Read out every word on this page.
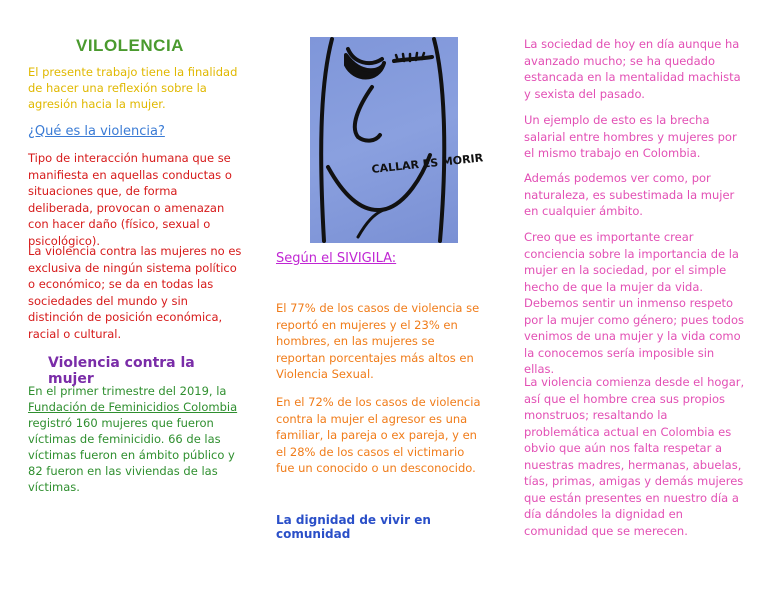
VILOLENCIA

El presente trabajo tiene la finalidad de hacer una reflexión sobre la agresión hacia la mujer.

¿Qué es la violencia?

Tipo de interacción humana que se manifiesta en aquellas conductas o situaciones que, de forma deliberada, provocan o amenazan con hacer daño (físico, sexual o psicológico).

La violencia contra las mujeres no es exclusiva de ningún sistema político o económico; se da en todas las sociedades del mundo y sin distinción de posición económica, racial o cultural.

Violencia contra la mujer

En el primer trimestre del 2019, la Fundación de Feminicidios Colombia registró 160 mujeres que fueron víctimas de feminicidio. 66 de las víctimas fueron en ámbito público y 82 fueron en las viviendas de las víctimas.

CALLAR ES MORIR
Según el SIVIGILA:

El 77% de los casos de violencia se reportó en mujeres y el 23% en hombres, en las mujeres se reportan porcentajes más altos en Violencia Sexual.

En el 72% de los casos de violencia contra la mujer el agresor es una familiar, la pareja o ex pareja, y en el 28% de los casos el victimario fue un conocido o un desconocido.

La dignidad de vivir en comunidad

La sociedad de hoy en día aunque ha avanzado mucho; se ha quedado estancada en la mentalidad machista y sexista del pasado.

Un ejemplo de esto es la brecha salarial entre hombres y mujeres por el mismo trabajo en Colombia.

Además podemos ver como, por naturaleza, es subestimada la mujer en cualquier ámbito.

Creo que es importante crear conciencia sobre la importancia de la mujer en la sociedad, por el simple hecho de que la mujer da vida. Debemos sentir un inmenso respeto por la mujer como género; pues todos venimos de una mujer y la vida como la conocemos sería imposible sin ellas.

La violencia comienza desde el hogar, así que el hombre crea sus propios monstruos; resaltando la problemática actual en Colombia es obvio que aún nos falta respetar a nuestras madres, hermanas, abuelas, tías, primas, amigas y demás mujeres que están presentes en nuestro día a día dándoles la dignidad en comunidad que se merecen.
